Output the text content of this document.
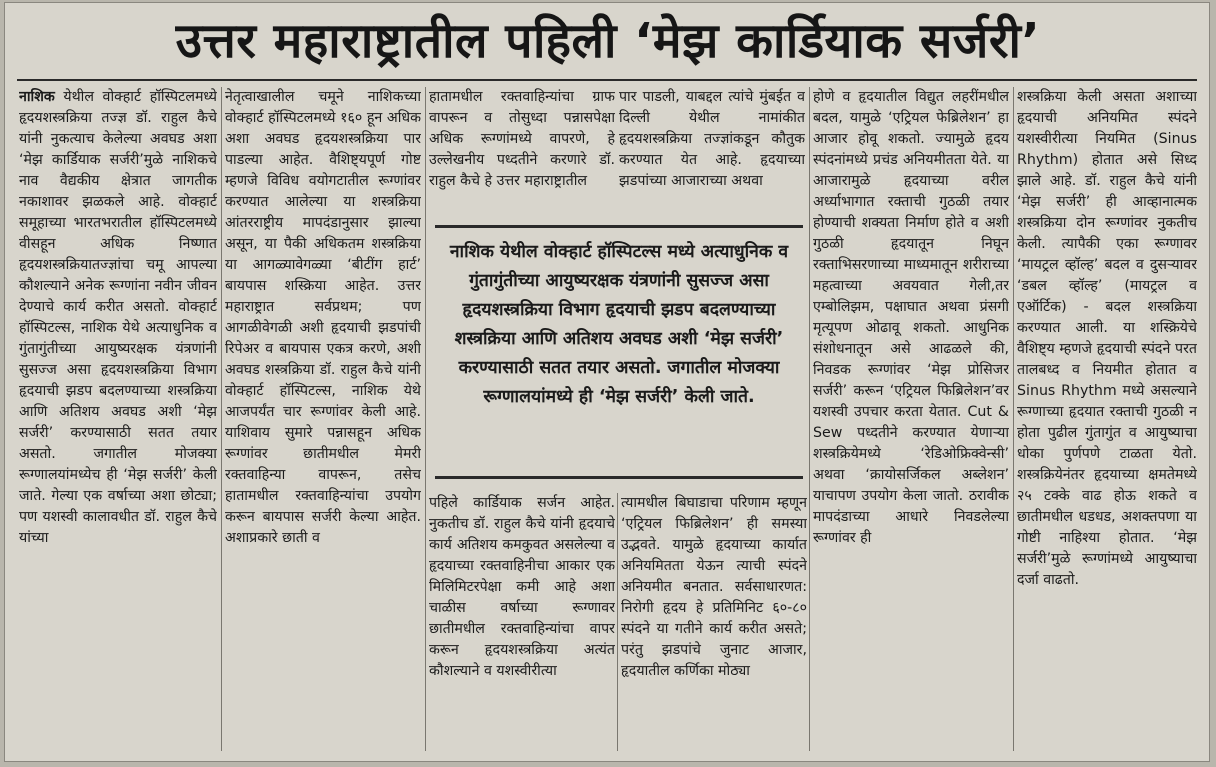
उत्तर महाराष्ट्रातील पहिली ‘मेझ कार्डियाक सर्जरी’

नाशिक येथील वोक्हार्ट हॉस्पिटलमध्ये हृदयशस्त्रक्रिया तज्ज्ञ डॉ. राहुल कैचे यांनी नुकत्याच केलेल्या अवघड अशा ‘मेझ कार्डियाक सर्जरी’मुळे नाशिकचे नाव वैद्यकीय क्षेत्रात जागतीक नकाशावर झळकले आहे. वोक्हार्ट समूहाच्या भारतभरातील हॉस्पिटलमध्ये वीसहून अधिक निष्णात हृदयशस्त्रक्रियातज्ज्ञांचा चमू आपल्या कौशल्याने अनेक रूग्णांना नवीन जीवन देण्याचे कार्य करीत असतो. वोक्हार्ट हॉस्पिटल्स, नाशिक येथे अत्याधुनिक व गुंतागुंतीच्या आयुष्यरक्षक यंत्रणांनी सुसज्ज असा हृदयशस्त्रक्रिया विभाग हृदयाची झडप बदलण्याच्या शस्त्रक्रिया आणि अतिशय अवघड अशी ‘मेझ सर्जरी’ करण्यासाठी सतत तयार असतो. जगातील मोजक्या रूग्णालयांमध्येच ही ‘मेझ सर्जरी’ केली जाते. गेल्या एक वर्षाच्या अशा छोट्या; पण यशस्वी कालावधीत डॉ. राहुल कैचे यांच्या

नेतृत्वाखालील चमूने नाशिकच्या वोक्हार्ट हॉस्पिटलमध्ये १६० हून अधिक अशा अवघड हृदयशस्त्रक्रिया पार पाडल्या आहेत. वैशिष्ट्यपूर्ण गोष्ट म्हणजे विविध वयोगटातील रूग्णांवर करण्यात आलेल्या या शस्त्रक्रिया आंतरराष्ट्रीय मापदंडानुसार झाल्या असून, या पैकी अधिकतम शस्त्रक्रिया या आगळ्यावेगळ्या ‘बीटींग हार्ट’ बायपास शस्क्रिया आहेत. उत्तर महाराष्ट्रात सर्वप्रथम; पण आगळीवेगळी अशी हृदयाची झडपांची रिपेअर व बायपास एकत्र करणे, अशी अवघड शस्त्रक्रिया डॉ. राहुल कैचे यांनी वोक्हार्ट हॉस्पिटल्स, नाशिक येथे आजपर्यंत चार रूग्णांवर केली आहे. याशिवाय सुमारे पन्नासहून अधिक रूग्णांवर छातीमधील मेमरी रक्तवाहिन्या वापरून, तसेच हातामधील रक्तवाहिन्यांचा उपयोग करून बायपास सर्जरी केल्या आहेत. अशाप्रकारे छाती व

हातामधील रक्तवाहिन्यांचा ग्राफ वापरून व तोसुध्दा पन्नासपेक्षा अधिक रूग्णांमध्ये वापरणे, हे उल्लेखनीय पध्दतीने करणारे डॉ. राहुल कैचे हे उत्तर महाराष्ट्रातील

पार पाडली, याबद्दल त्यांचे मुंबईत व दिल्ली येथील नामांकीत हृदयशस्त्रक्रिया तज्ज्ञांकडून कौतुक करण्यात येत आहे. हृदयाच्या झडपांच्या आजाराच्या अथवा

नाशिक येथील वोक्हार्ट हॉस्पिटल्स मध्ये अत्याधुनिक व गुंतागुंतीच्या आयुष्यरक्षक यंत्रणांनी सुसज्ज असा हृदयशस्त्रक्रिया विभाग हृदयाची झडप बदलण्याच्या शस्त्रक्रिया आणि अतिशय अवघड अशी ‘मेझ सर्जरी’ करण्यासाठी सतत तयार असतो. जगातील मोजक्या रूग्णालयांमध्ये ही ‘मेझ सर्जरी’ केली जाते.

पहिले कार्डियाक सर्जन आहेत. नुकतीच डॉ. राहुल कैचे यांनी हृदयाचे कार्य अतिशय कमकुवत असलेल्या व हृदयाच्या रक्तवाहिनीचा आकार एक मिलिमिटरपेक्षा कमी आहे अशा चाळीस वर्षाच्या रूग्णावर छातीमधील रक्तवाहिन्यांचा वापर करून हृदयशस्त्रक्रिया अत्यंत कौशल्याने व यशस्वीरीत्या

त्यामधील बिघाडाचा परिणाम म्हणून ‘एट्रियल फिब्रिलेशन’ ही समस्या उद्भवते. यामुळे हृदयाच्या कार्यात अनियमितता येऊन त्याची स्पंदने अनियमीत बनतात. सर्वसाधारणत: निरोगी हृदय हे प्रतिमिनिट ६०-८० स्पंदने या गतीने कार्य करीत असते; परंतु झडपांचे जुनाट आजार, हृदयातील कर्णिका मोठ्या

होणे व हृदयातील विद्युत लहरींमधील बदल, यामुळे ‘एट्रियल फेब्रिलेशन’ हा आजार होवू शकतो. ज्यामुळे हृदय स्पंदनांमध्ये प्रचंड अनियमीतता येते. या आजारामुळे हृदयाच्या वरील अर्ध्याभागात रक्ताची गुठळी तयार होण्याची शक्यता निर्माण होते व अशी गुठळी हृदयातून निघून रक्ताभिसरणाच्या माध्यमातून शरीराच्या महत्वाच्या अवयवात गेली,तर एम्बोलिझम, पक्षाघात अथवा प्रंसगी मृत्यूपण ओढावू शकतो. आधुनिक संशोधनातून असे आढळले की, निवडक रूग्णांवर ‘मेझ प्रोसिजर सर्जरी’ करून ‘एट्रियल फिब्रिलेशन’वर यशस्वी उपचार करता येतात. Cut & Sew पध्दतीने करण्यात येणाऱ्या शस्त्रक्रियेमध्ये ‘रेडिओफ्रिक्वेन्सी’ अथवा ‘क्रायोसर्जिकल अब्लेशन’ याचापण उपयोग केला जातो. ठरावीक मापदंडाच्या आधारे निवडलेल्या रूग्णांवर ही

शस्त्रक्रिया केली असता अशाच्या हृदयाची अनियमित स्पंदने यशस्वीरीत्या नियमित (Sinus Rhythm) होतात असे सिध्द झाले आहे. डॉ. राहुल कैचे यांनी ‘मेझ सर्जरी’ ही आव्हानात्मक शस्त्रक्रिया दोन रूग्णांवर नुकतीच केली. त्यापैकी एका रूग्णावर ‘मायट्रल व्हॉल्ह’ बदल व दुसऱ्यावर ‘डबल व्हॉल्ह’ (मायट्रल व एऑर्टिक) - बदल शस्त्रक्रिया करण्यात आली. या शस्क्रियेचे वैशिष्ट्य म्हणजे हृदयाची स्पंदने परत तालबध्द व नियमीत होतात व Sinus Rhythm मध्ये असल्याने रूग्णाच्या हृदयात रक्ताची गुठळी न होता पुढील गुंतागुंत व आयुष्याचा धोका पुर्णपणे टाळता येतो. शस्त्रक्रियेनंतर हृदयाच्या क्षमतेमध्ये २५ टक्के वाढ होऊ शकते व छातीमधील धडधड, अशक्तपणा या गोष्टी नाहिश्या होतात. ‘मेझ सर्जरी’मुळे रूग्णांमध्ये आयुष्याचा दर्जा वाढतो.
